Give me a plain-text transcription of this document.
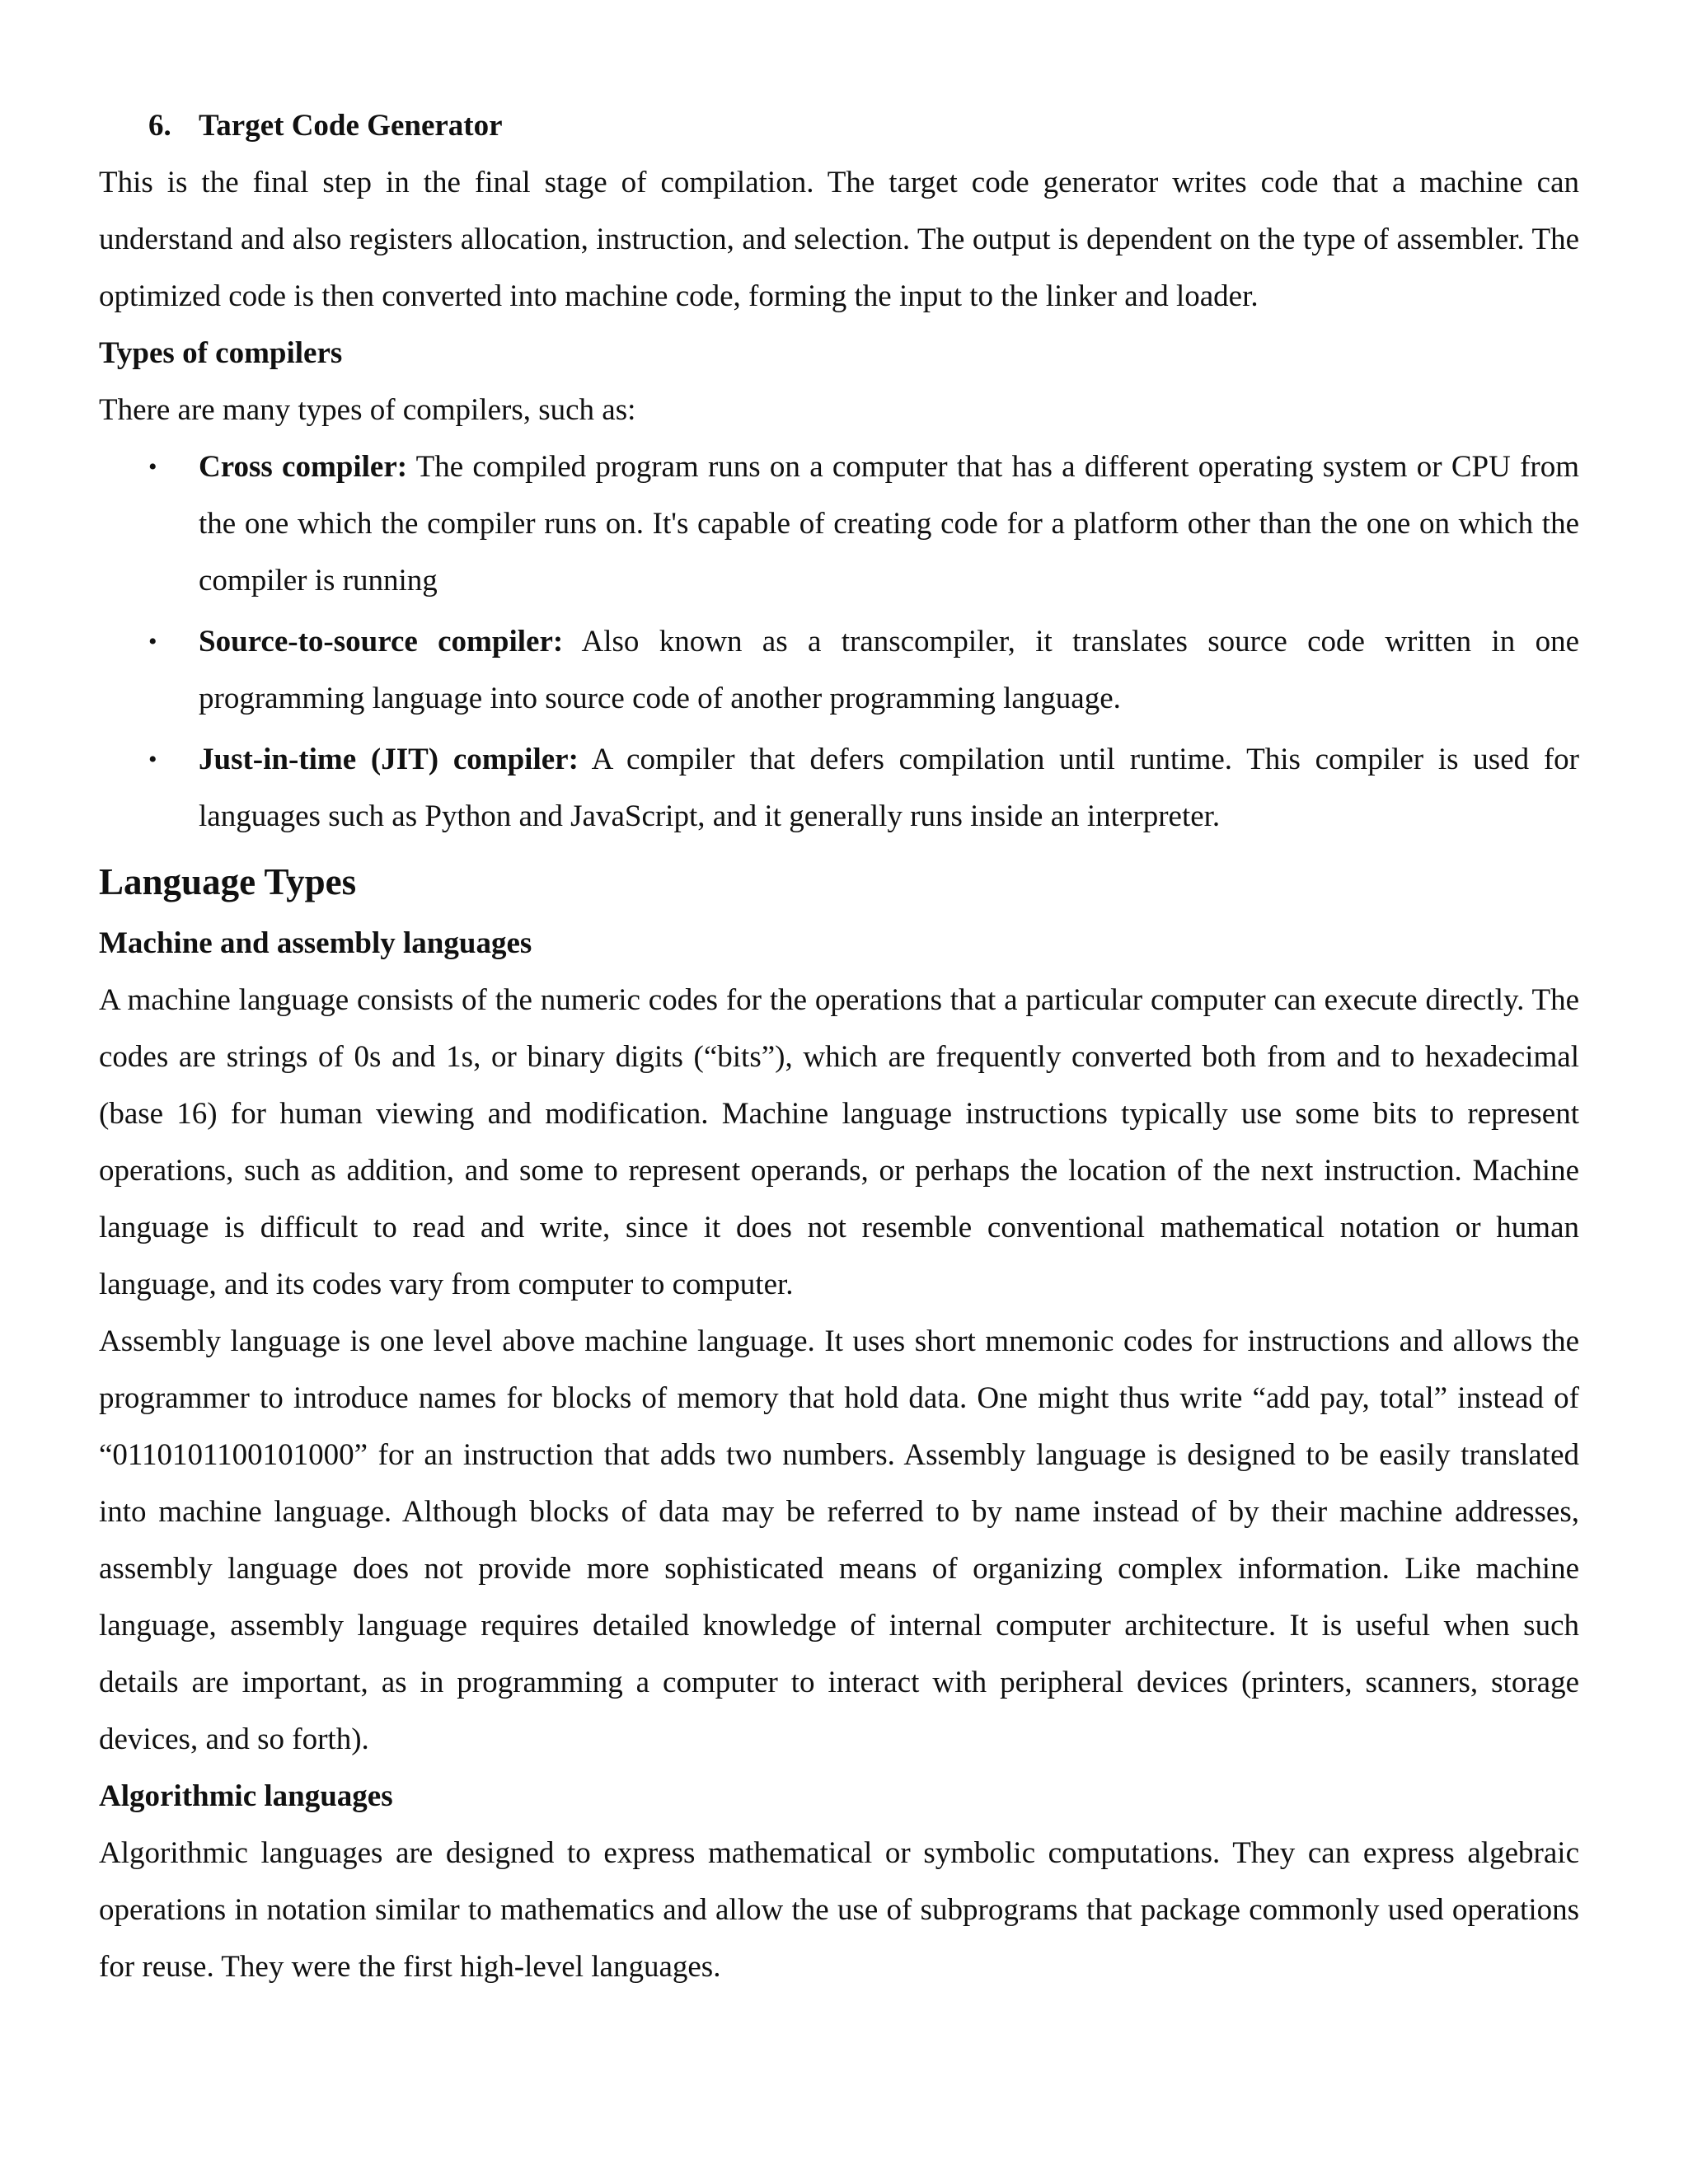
6. Target Code Generator

This is the final step in the final stage of compilation. The target code generator writes code that a machine can understand and also registers allocation, instruction, and selection. The output is dependent on the type of assembler. The optimized code is then converted into machine code, forming the input to the linker and loader.

Types of compilers

There are many types of compilers, such as:

• Cross compiler: The compiled program runs on a computer that has a different operating system or CPU from the one which the compiler runs on. It's capable of creating code for a platform other than the one on which the compiler is running
• Source-to-source compiler: Also known as a transcompiler, it translates source code written in one programming language into source code of another programming language.
• Just-in-time (JIT) compiler: A compiler that defers compilation until runtime. This compiler is used for languages such as Python and JavaScript, and it generally runs inside an interpreter.
Language Types
Machine and assembly languages

A machine language consists of the numeric codes for the operations that a particular computer can execute directly. The codes are strings of 0s and 1s, or binary digits (“bits”), which are frequently converted both from and to hexadecimal (base 16) for human viewing and modification. Machine language instructions typically use some bits to represent operations, such as addition, and some to represent operands, or perhaps the location of the next instruction. Machine language is difficult to read and write, since it does not resemble conventional mathematical notation or human language, and its codes vary from computer to computer.

Assembly language is one level above machine language. It uses short mnemonic codes for instructions and allows the programmer to introduce names for blocks of memory that hold data. One might thus write “add pay, total” instead of “0110101100101000” for an instruction that adds two numbers. Assembly language is designed to be easily translated into machine language. Although blocks of data may be referred to by name instead of by their machine addresses, assembly language does not provide more sophisticated means of organizing complex information. Like machine language, assembly language requires detailed knowledge of internal computer architecture. It is useful when such details are important, as in programming a computer to interact with peripheral devices (printers, scanners, storage devices, and so forth).

Algorithmic languages

Algorithmic languages are designed to express mathematical or symbolic computations. They can express algebraic operations in notation similar to mathematics and allow the use of subprograms that package commonly used operations for reuse. They were the first high-level languages.
